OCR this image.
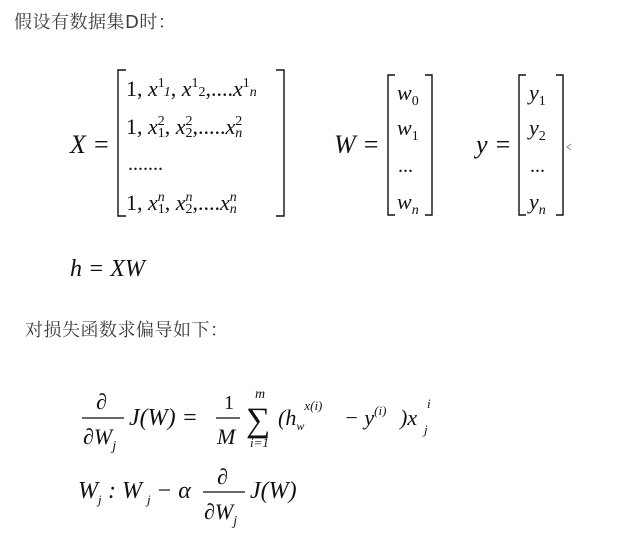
假设有数据集D时：
X =
1, $x^11$, $x^1_2,....x^1_n$
1, $x^2$ 1, $x^2$ $2,.....x^2$ n
.......
1, $x^n$ 1, $x^n$ $2,....x^n$ n
W =
$w_0$
$w_1$
...
$w_n$
y =
$y_1$
$y_2$
...
$y_n$
h = XW
∂
$\partial W_j$
J(W) =
1
M
m
∑
i=1
($h_w^{x(i)} - y^{(i)}$ )x
i
j
$W_j$ : W j − α
∂
$\partial W_j$
J(W)
对损失函数求偏导如下：
